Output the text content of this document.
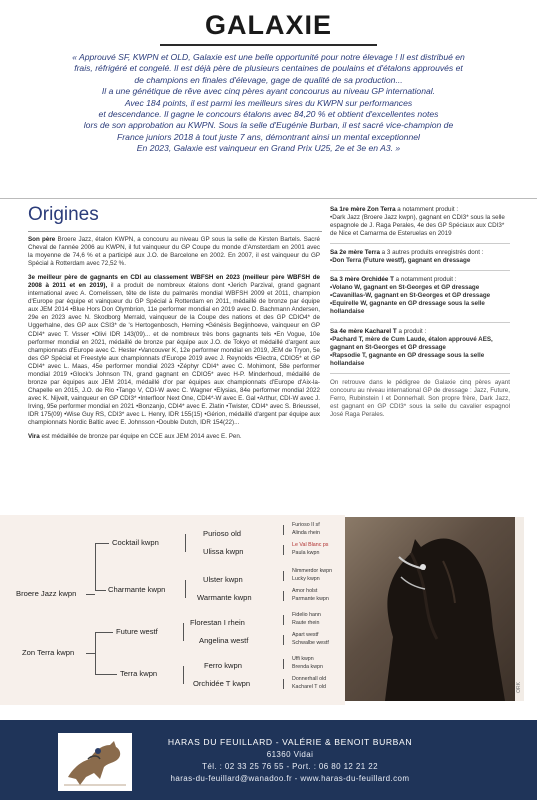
GALAXIE
« Approuvé SF, KWPN et OLD, Galaxie est une belle opportunité pour notre élevage ! Il est distribué en
frais, réfrigéré et congelé. Il est déjà père de plusieurs centaines de poulains et d'étalons approuvés et
de champions en finales d'élevage, gage de qualité de sa production...
Il a une génétique de rêve avec cinq pères ayant concourus au niveau GP international.
Avec 184 points, il est parmi les meilleurs sires du KWPN sur performances
et descendance. Il gagne le concours étalons avec 84,20 % et obtient d'excellentes notes
lors de son approbation au KWPN. Sous la selle d'Eugénie Burban, il est sacré vice-champion de
France juniors 2018 à tout juste 7 ans, démontrant ainsi un mental exceptionnel
En 2023, Galaxie est vainqueur en Grand Prix U25, 2e et 3e en A3. »
Origines

Son père Broere Jazz, étalon KWPN, a concouru au niveau GP sous la selle de Kirsten Bartels. Sacré Cheval de l'année 2006 au KWPN, il fut vainqueur du GP Coupe du monde d'Amsterdam en 2001 avec la moyenne de 74,6 % et a participé aux J.O. de Barcelone en 2002. En 2007, il est vainqueur du GP Spécial à Rotterdam avec 72,52 %.

3e meilleur père de gagnants en CDI au classement WBFSH en 2023 (meilleur père WBFSH de 2008 à 2011 et en 2019), il a produit de nombreux étalons dont •Jerich Parzival, grand gagnant international avec A. Cornelissen, tête de liste du palmarès mondial WBFSH 2009 et 2011, champion d'Europe par équipe et vainqueur du GP Spécial à Rotterdam en 2011, médaillé de bronze par équipe aux JEM 2014 •Blue Hors Don Olymbrion, 11e performer mondial en 2019 avec D. Bachmann Andersen, 29e en 2023 avec N. Skodborg Merrald, vainqueur de la Coupe des nations et des GP CDIO4* de Uggerhalne, des GP aux CSI3* de 's Hertogenbosch, Herning •Génésis Begijnhoeve, vainqueur en GP CDI4* avec T. Visser •Olivi IDR 143(09)... et de nombreux très bons gagnants tels •En Vogue, 10e performer mondial en 2021, médaillé de bronze par équipe aux J.O. de Tokyo et médaillé d'argent aux championnats d'Europe avec C. Hester •Vancouver K, 12e performer mondial en 2019, JEM de Tryon, 5e des GP Spécial et Freestyle aux championnats d'Europe 2019 avec J. Reynolds •Electra, CDIO5* et GP CDI4* avec L. Maas, 45e performer mondial 2023 •Zéphyr CDI4* avec C. Mohimont, 58e performer mondial 2019 •Glock's Johnson TN, grand gagnant en CDIO5* avec H-P. Minderhoud, médaillé de bronze par équipes aux JEM 2014, médaillé d'or par équipes aux championnats d'Europe d'Aix-la-Chapelle en 2015, J.O. de Rio •Tango V, CDI-W avec C. Wagner •Elysias, 84e performer mondial 2022 avec K. Nijvelt, vainqueur en GP CDI3* •Interfloor Next One, CDI4*-W avec E. Gal •Arthur, CDI-W avec J. Irving, 95e performer mondial en 2021 •Bonzanjo, CDI4* avec E. Zlatin •Twister, CDI4* avec S. Brieussel, IDR 175(09) •Wise Guy RS, CDI3* avec L. Henry, IDR 155(15) •Gérion, médaillé d'argent par équipe aux championnats Nordic Baltic avec E. Johnsson •Double Dutch, IDR 154(22)...

Vira est médaillée de bronze par équipe en CCE aux JEM 2014 avec E. Pen.

Sa 1re mère Zon Terra a notamment produit :
•Dark Jazz (Broere Jazz kwpn), gagnant en CDI3* sous la selle espagnole de J. Raga Perales, 4e des GP Spéciaux aux CDI3* de Nice et Camarma de Esteruelas en 2019
Sa 2e mère Terra a 3 autres produits enregistrés dont :
•Don Terra (Future westf), gagnant en dressage
Sa 3 mère Orchidée T a notamment produit :
•Volano W, gagnant en St-Georges et GP dressage
•Cavanillas-W, gagnant en St-Georges et GP dressage
•Equirelle W, gagnante en GP dressage sous la selle hollandaise
Sa 4e mère Kacharel T a produit :
•Pachard T, mère de Cum Laude, étalon approuvé AES, gagnant en St-Georges et GP dressage
•Rapsodie T, gagnante en GP dressage sous la selle hollandaise
On retrouve dans le pédigree de Galaxie cinq pères ayant concouru au niveau international GP de dressage : Jazz, Future, Ferro, Rubinstein I et Donnerhall. Son propre frère, Dark Jazz, est gagnant en GP CDI3* sous la selle du cavalier espagnol José Raga Perales.
Broere Jazz kwpn
Zon Terra kwpn
Cocktail kwpn
Charmante kwpn
Future westf
Terra kwpn
Purioso old
Ulissa kwpn
Ulster kwpn
Warmante kwpn
Florestan I rhein
Angelina westf
Ferro kwpn
Orchidée T kwpn
Furioso II sf
Alinda rhein
Le Val Blanc ps
Paula kwpn
Nimmerdor kwpn
Lucky kwpn
Amor holst
Parmante kwpn
Fidelio hann
Raute rhein
Apart westf
Schwalbe westf
Uffi kwpn
Brenda kwpn
Donnerhall old
Kacharel T old	ORK
HARAS DU FEUILLARD - VALÉRIE & BENOIT BURBAN
61360 Vidai
Tél. : 02 33 25 76 55 - Port. : 06 80 12 21 22
haras-du-feuillard@wanadoo.fr - www.haras-du-feuillard.com
